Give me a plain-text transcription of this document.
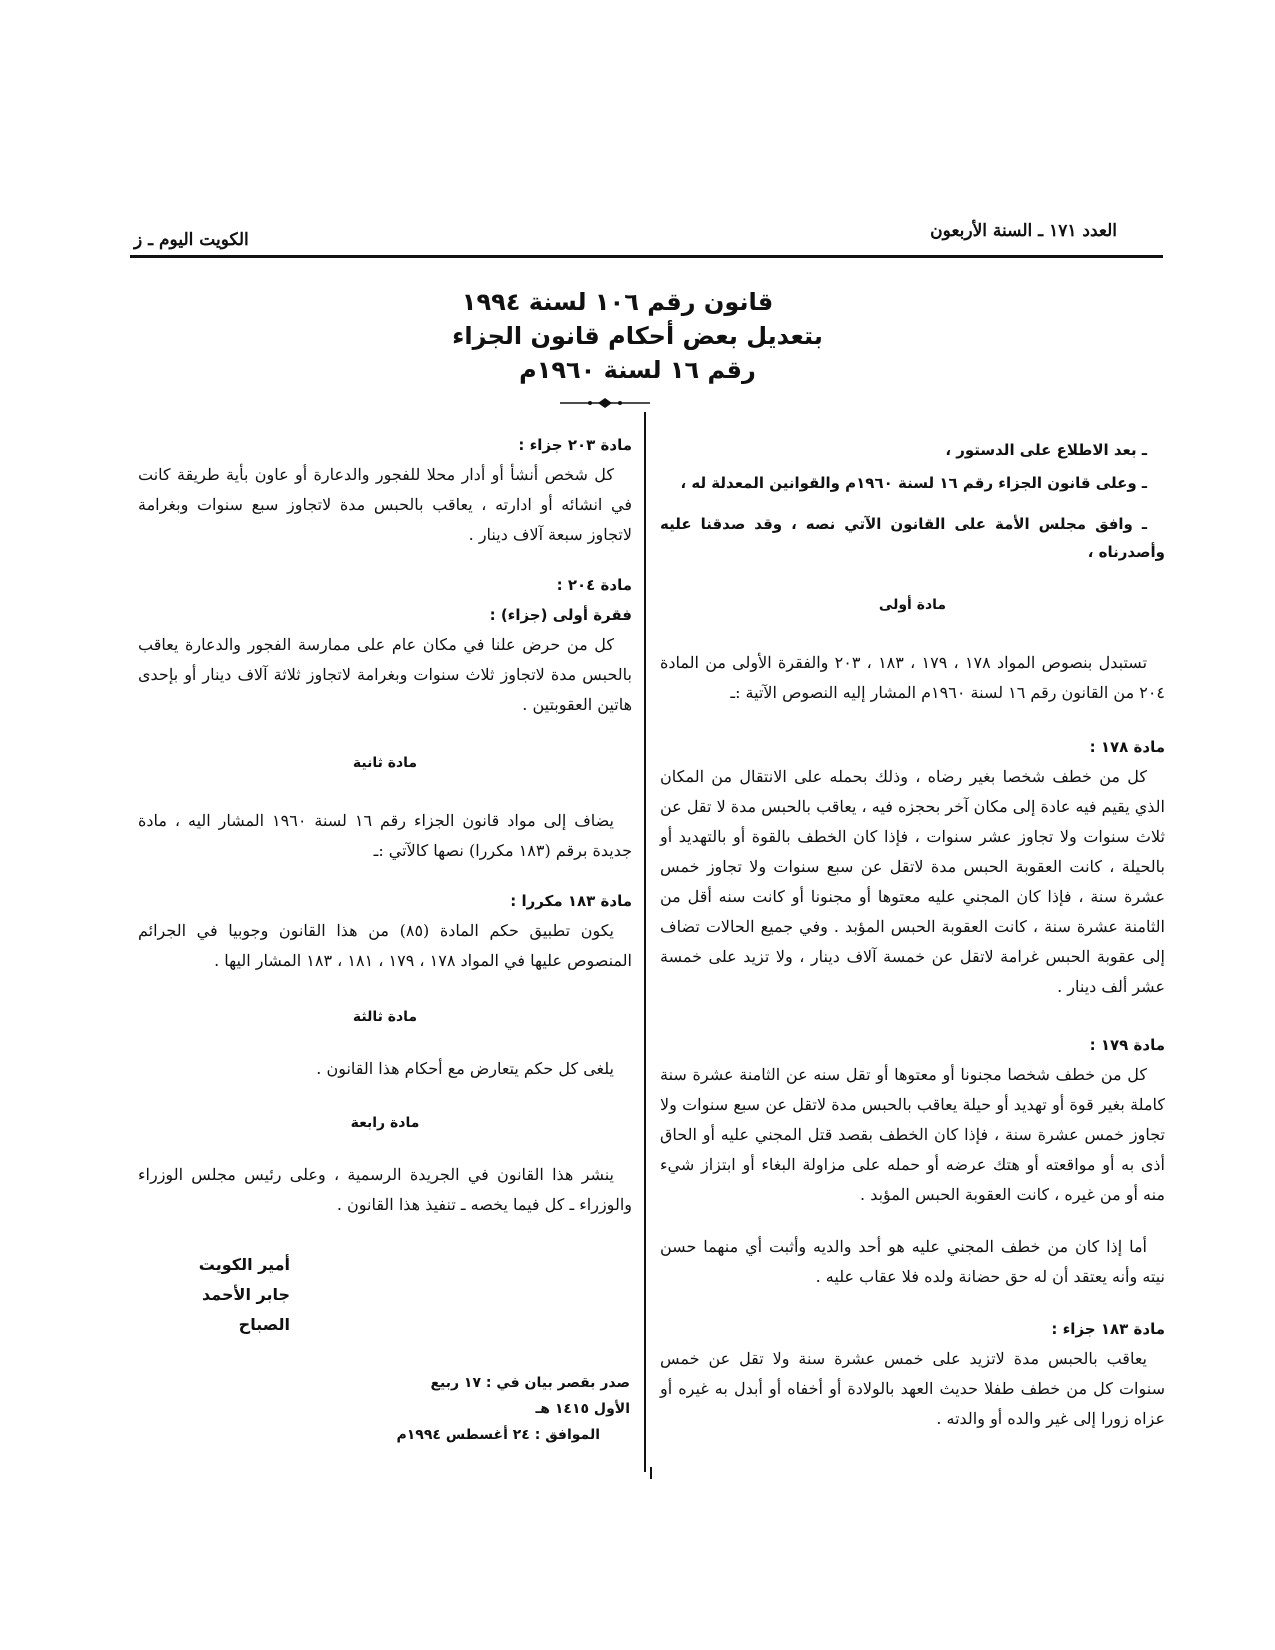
العدد ١٧١ ـ السنة الأربعون
الكويت اليوم ـ ز
قانون رقم ١٠٦ لسنة ١٩٩٤
بتعديل بعض أحكام قانون الجزاء
رقم ١٦ لسنة ١٩٦٠م

ـ بعد الاطلاع على الدستور ،

ـ وعلى قانون الجزاء رقم ١٦ لسنة ١٩٦٠م والقوانين المعدلة له ،

ـ وافق مجلس الأمة على القانون الآتي نصه ، وقد صدقنا عليه وأصدرناه ،

مادة أولى

تستبدل بنصوص المواد ١٧٨ ، ١٧٩ ، ١٨٣ ، ٢٠٣ والفقرة الأولى من المادة ٢٠٤ من القانون رقم ١٦ لسنة ١٩٦٠م المشار إليه النصوص الآتية :ـ

مادة ١٧٨ :

كل من خطف شخصا بغير رضاه ، وذلك بحمله على الانتقال من المكان الذي يقيم فيه عادة إلى مكان آخر بحجزه فيه ، يعاقب بالحبس مدة لا تقل عن ثلاث سنوات ولا تجاوز عشر سنوات ، فإذا كان الخطف بالقوة أو بالتهديد أو بالحيلة ، كانت العقوبة الحبس مدة لاتقل عن سبع سنوات ولا تجاوز خمس عشرة سنة ، فإذا كان المجني عليه معتوها أو مجنونا أو كانت سنه أقل من الثامنة عشرة سنة ، كانت العقوبة الحبس المؤبد . وفي جميع الحالات تضاف إلى عقوبة الحبس غرامة لاتقل عن خمسة آلاف دينار ، ولا تزيد على خمسة عشر ألف دينار .

مادة ١٧٩ :

كل من خطف شخصا مجنونا أو معتوها أو تقل سنه عن الثامنة عشرة سنة كاملة بغير قوة أو تهديد أو حيلة يعاقب بالحبس مدة لاتقل عن سبع سنوات ولا تجاوز خمس عشرة سنة ، فإذا كان الخطف بقصد قتل المجني عليه أو الحاق أذى به أو مواقعته أو هتك عرضه أو حمله على مزاولة البغاء أو ابتزاز شيء منه أو من غيره ، كانت العقوبة الحبس المؤبد .

أما إذا كان من خطف المجني عليه هو أحد والديه وأثبت أي منهما حسن نيته وأنه يعتقد أن له حق حضانة ولده فلا عقاب عليه .

مادة ١٨٣ جزاء :

يعاقب بالحبس مدة لاتزيد على خمس عشرة سنة ولا تقل عن خمس سنوات كل من خطف طفلا حديث العهد بالولادة أو أخفاه أو أبدل به غيره أو عزاه زورا إلى غير والده أو والدته .

مادة ٢٠٣ جزاء :

كل شخص أنشأ أو أدار محلا للفجور والدعارة أو عاون بأية طريقة كانت في انشائه أو ادارته ، يعاقب بالحبس مدة لاتجاوز سبع سنوات وبغرامة لاتجاوز سبعة آلاف دينار .

مادة ٢٠٤ :
فقرة أولى (جزاء) :

كل من حرض علنا في مكان عام على ممارسة الفجور والدعارة يعاقب بالحبس مدة لاتجاوز ثلاث سنوات وبغرامة لاتجاوز ثلاثة آلاف دينار أو بإحدى هاتين العقوبتين .

مادة ثانية

يضاف إلى مواد قانون الجزاء رقم ١٦ لسنة ١٩٦٠ المشار اليه ، مادة جديدة برقم (١٨٣ مكررا) نصها كالآتي :ـ

مادة ١٨٣ مكررا :

يكون تطبيق حكم المادة (٨٥) من هذا القانون وجوبيا في الجرائم المنصوص عليها في المواد ١٧٨ ، ١٧٩ ، ١٨١ ، ١٨٣ المشار اليها .

مادة ثالثة

يلغى كل حكم يتعارض مع أحكام هذا القانون .

مادة رابعة

ينشر هذا القانون في الجريدة الرسمية ، وعلى رئيس مجلس الوزراء والوزراء ـ كل فيما يخصه ـ تنفيذ هذا القانون .

أمير الكويت
جابر الأحمد الصباح
صدر بقصر بيان في : ١٧ ربيع الأول ١٤١٥ هـ
الموافق : ٢٤ أغسطس ١٩٩٤م
